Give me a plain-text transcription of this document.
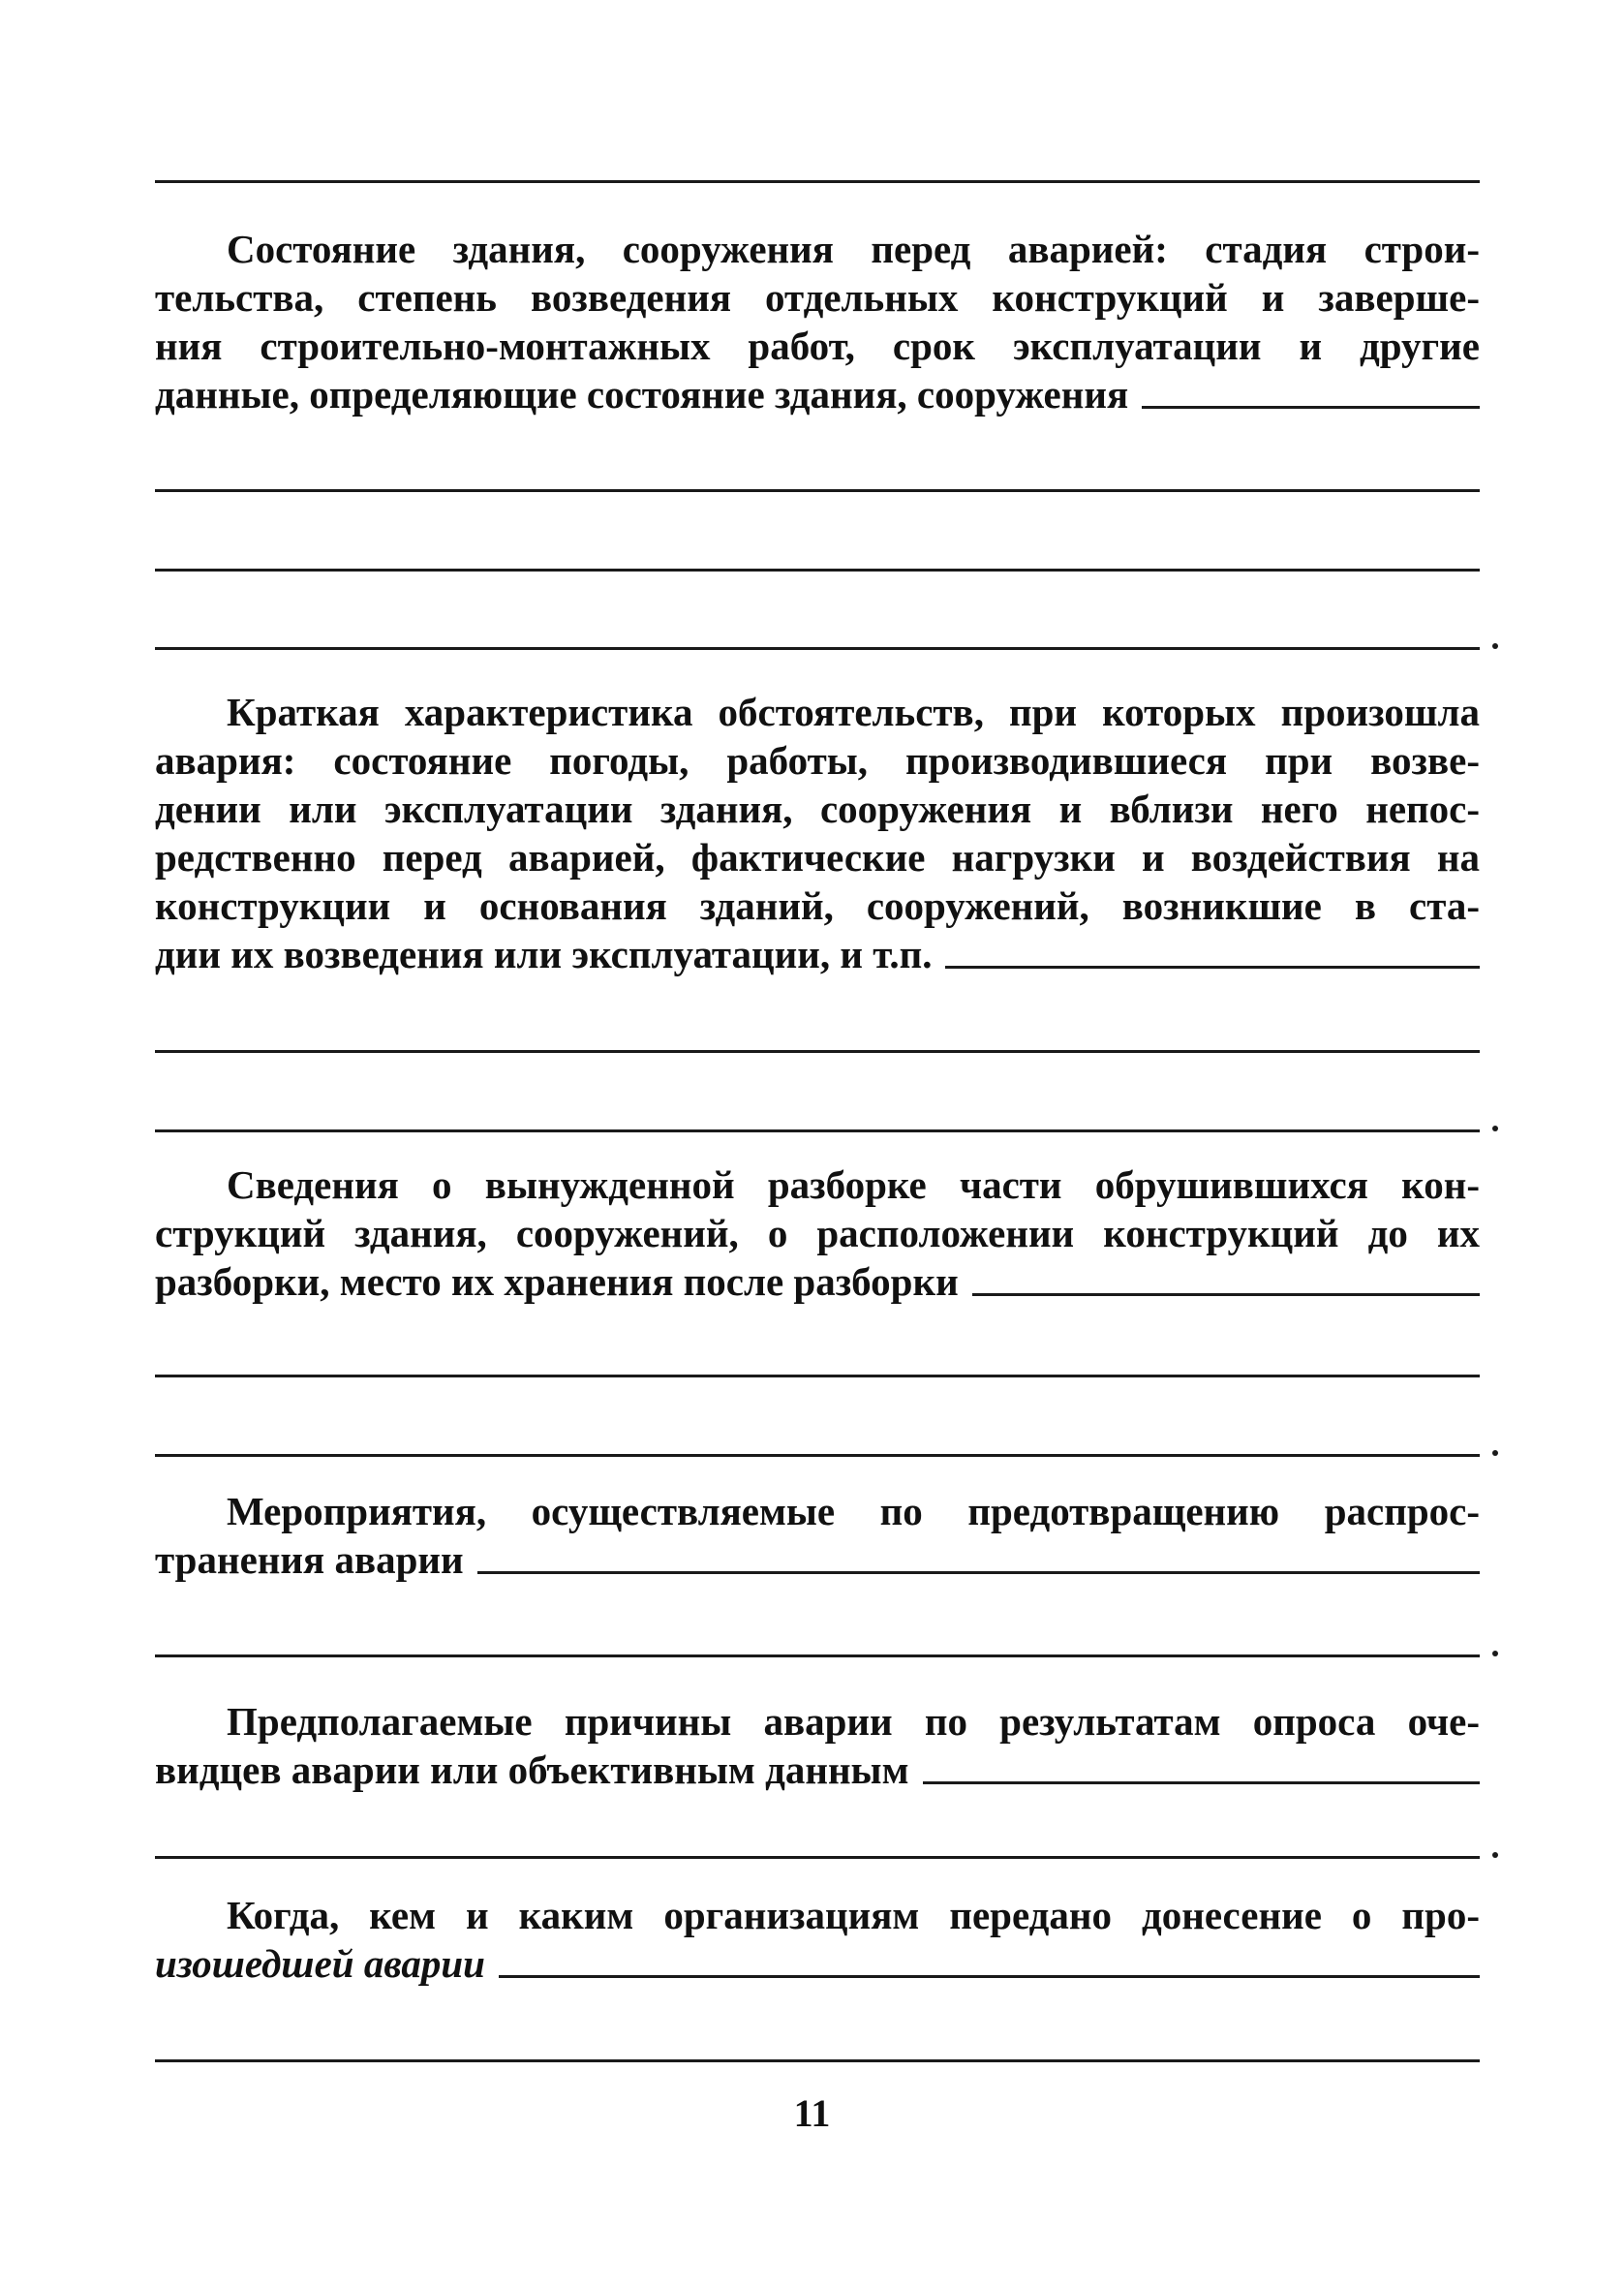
Состояние здания, сооружения перед аварией: стадия строи-
тельства, степень возведения отдельных конструкций и заверше-
ния строительно-монтажных работ, срок эксплуатации и другие
данные, определяющие состояние здания, сооружения
Краткая характеристика обстоятельств, при которых произошла
авария: состояние погоды, работы, производившиеся при возве-
дении или эксплуатации здания, сооружения и вблизи него непос-
редственно перед аварией, фактические нагрузки и воздействия на
конструкции и основания зданий, сооружений, возникшие в ста-
дии их возведения или эксплуатации, и т.п.
Сведения о вынужденной разборке части обрушившихся кон-
струкций здания, сооружений, о расположении конструкций до их
разборки, место их хранения после разборки
Мероприятия, осуществляемые по предотвращению распрос-
транения аварии
Предполагаемые причины аварии по результатам опроса оче-
видцев аварии или объективным данным
Когда, кем и каким организациям передано донесение о про-
изошедшей аварии
11
